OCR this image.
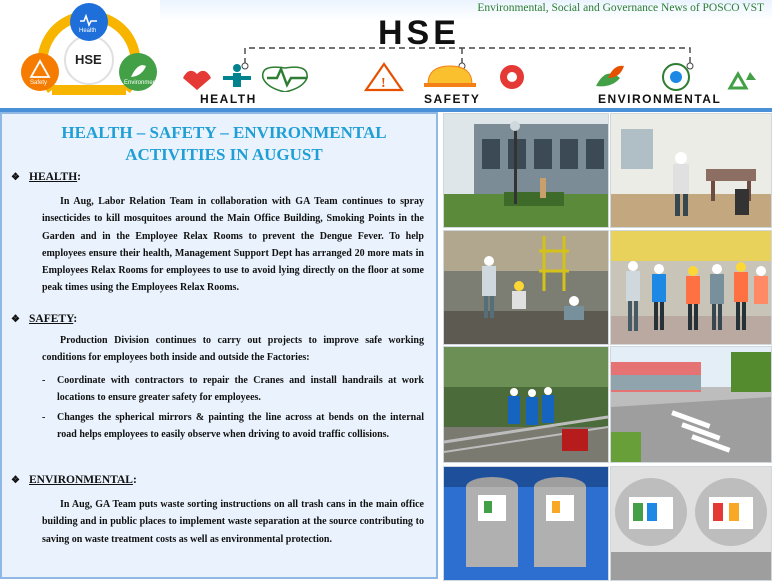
HSE
Health
Safety	Environment
Environmental, Social and Governance News of POSCO VST
HSE
!
HEALTH	SAFETY	ENVIRONMENTAL
HEALTH – SAFETY – ENVIRONMENTAL
ACTIVITIES IN AUGUST
❖ HEALTH:
In Aug, Labor Relation Team in collaboration with GA Team continues to spray insecticides to kill mosquitoes around the Main Office Building, Smoking Points in the Garden and in the Employee Relax Rooms to prevent the Dengue Fever. To help employees ensure their health, Management Support Dept has arranged 20 more mats in Employees Relax Rooms for employees to use to avoid lying directly on the floor at some peak times using the Employees Relax Rooms.
❖ SAFETY:
Production Division continues to carry out projects to improve safe working conditions for employees both inside and outside the Factories:
- Coordinate with contractors to repair the Cranes and install handrails at work locations to ensure greater safety for employees.
- Changes the spherical mirrors & painting the line across at bends on the internal road helps employees to easily observe when driving to avoid traffic collisions.
❖ ENVIRONMENTAL:
In Aug, GA Team puts waste sorting instructions on all trash cans in the main office building and in public places to implement waste separation at the source contributing to saving on waste treatment costs as well as environmental protection.
